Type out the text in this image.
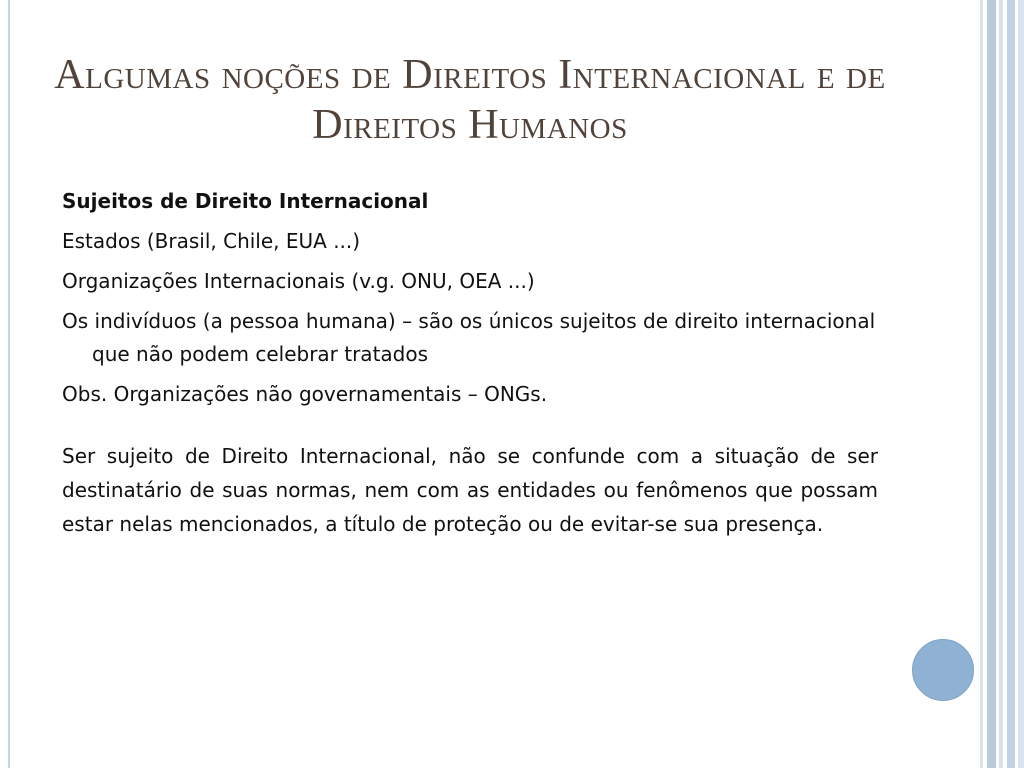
Algumas noções de Direitos Internacional e de Direitos Humanos
Sujeitos de Direito Internacional
Estados (Brasil, Chile, EUA ...)
Organizações Internacionais (v.g. ONU, OEA ...)
Os indivíduos (a pessoa humana) – são os únicos sujeitos de direito internacional que não podem celebrar tratados
Obs. Organizações não governamentais – ONGs.
Ser sujeito de Direito Internacional, não se confunde com a situação de ser destinatário de suas normas, nem com as entidades ou fenômenos que possam estar nelas mencionados, a título de proteção ou de evitar-se sua presença.
